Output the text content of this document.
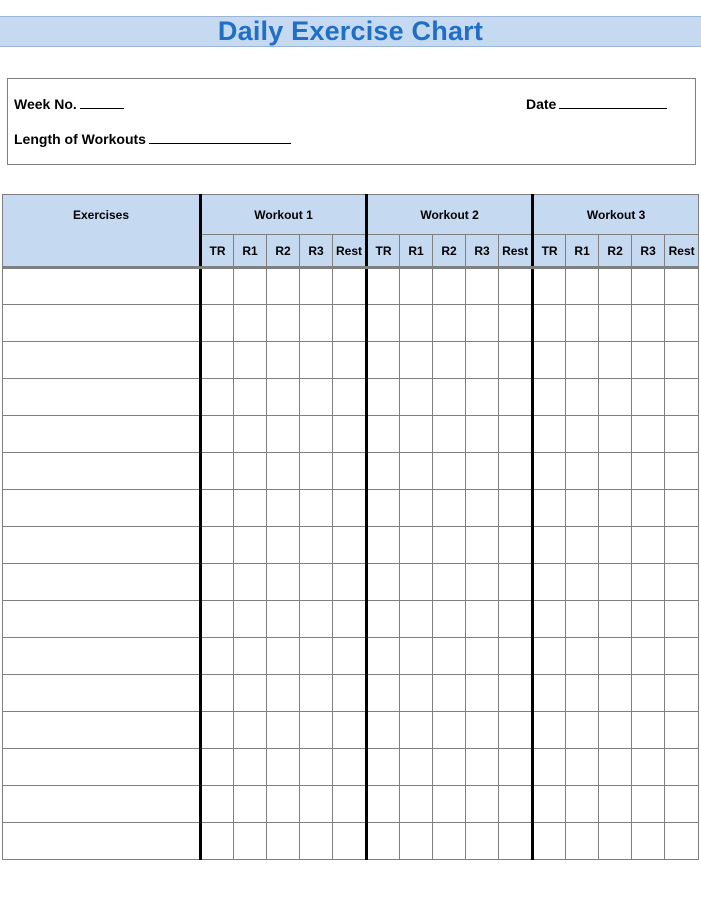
Daily Exercise Chart
Week No.	Date
Length of Workouts
Exercises	Workout 1					Workout 2					Workout 3				
	TR	R1	R2	R3	Rest	TR	R1	R2	R3	Rest	TR	R1	R2	R3	Rest
